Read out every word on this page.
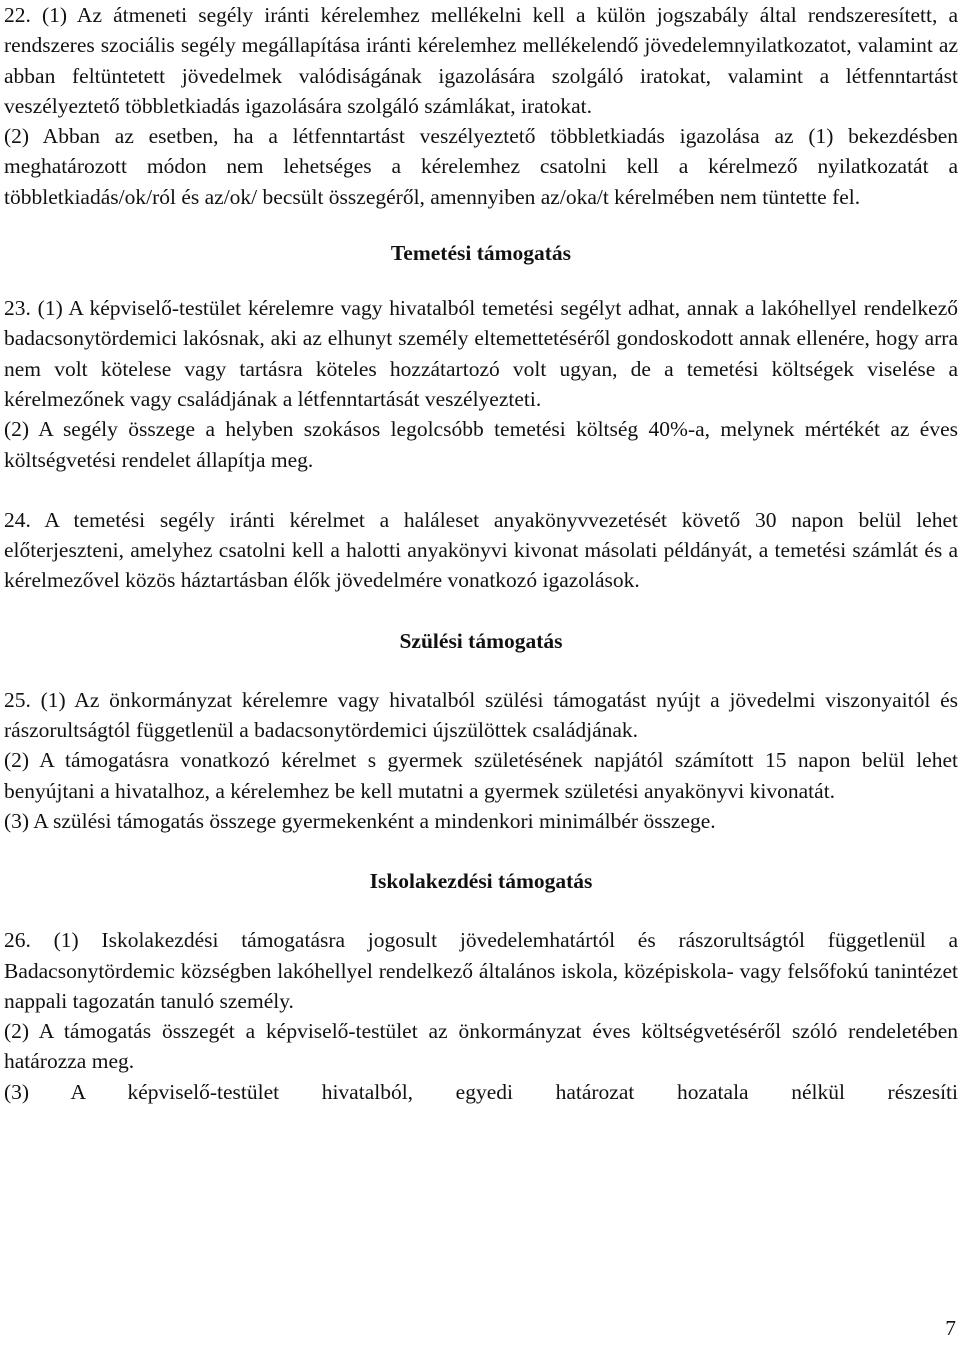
22. (1) Az átmeneti segély iránti kérelemhez mellékelni kell a külön jogszabály által rendszeresített, a rendszeres szociális segély megállapítása iránti kérelemhez mellékelendő jövedelemnyilatkozatot, valamint az abban feltüntetett jövedelmek valódiságának igazolására szolgáló iratokat, valamint a létfenntartást veszélyeztető többletkiadás igazolására szolgáló számlákat, iratokat.

(2) Abban az esetben, ha a létfenntartást veszélyeztető többletkiadás igazolása az (1) bekezdésben meghatározott módon nem lehetséges a kérelemhez csatolni kell a kérelmező nyilatkozatát a többletkiadás/ok/ról és az/ok/ becsült összegéről, amennyiben az/oka/t kérelmében nem tüntette fel.

Temetési támogatás

23. (1) A képviselő-testület kérelemre vagy hivatalból temetési segélyt adhat, annak a lakóhellyel rendelkező badacsonytördemici lakósnak, aki az elhunyt személy eltemettetéséről gondoskodott annak ellenére, hogy arra nem volt kötelese vagy tartásra köteles hozzátartozó volt ugyan, de a temetési költségek viselése a kérelmezőnek vagy családjának a létfenntartását veszélyezteti.

(2) A segély összege a helyben szokásos legolcsóbb temetési költség 40%-a, melynek mértékét az éves költségvetési rendelet állapítja meg.

24. A temetési segély iránti kérelmet a haláleset anyakönyvvezetését követő 30 napon belül lehet előterjeszteni, amelyhez csatolni kell a halotti anyakönyvi kivonat másolati példányát, a temetési számlát és a kérelmezővel közös háztartásban élők jövedelmére vonatkozó igazolások.

Szülési támogatás

25. (1) Az önkormányzat kérelemre vagy hivatalból szülési támogatást nyújt a jövedelmi viszonyaitól és rászorultságtól függetlenül a badacsonytördemici újszülöttek családjának.

(2) A támogatásra vonatkozó kérelmet s gyermek születésének napjától számított 15 napon belül lehet benyújtani a hivatalhoz, a kérelemhez be kell mutatni a gyermek születési anyakönyvi kivonatát.

(3) A szülési támogatás összege gyermekenként a mindenkori minimálbér összege.

Iskolakezdési támogatás

26. (1) Iskolakezdési támogatásra jogosult jövedelemhatártól és rászorultságtól függetlenül a Badacsonytördemic községben lakóhellyel rendelkező általános iskola, középiskola- vagy felsőfokú tanintézet nappali tagozatán tanuló személy.

(2) A támogatás összegét a képviselő-testület az önkormányzat éves költségvetéséről szóló rendeletében határozza meg.

(3) A képviselő-testület hivatalból, egyedi határozat hozatala nélkül részesíti

7
